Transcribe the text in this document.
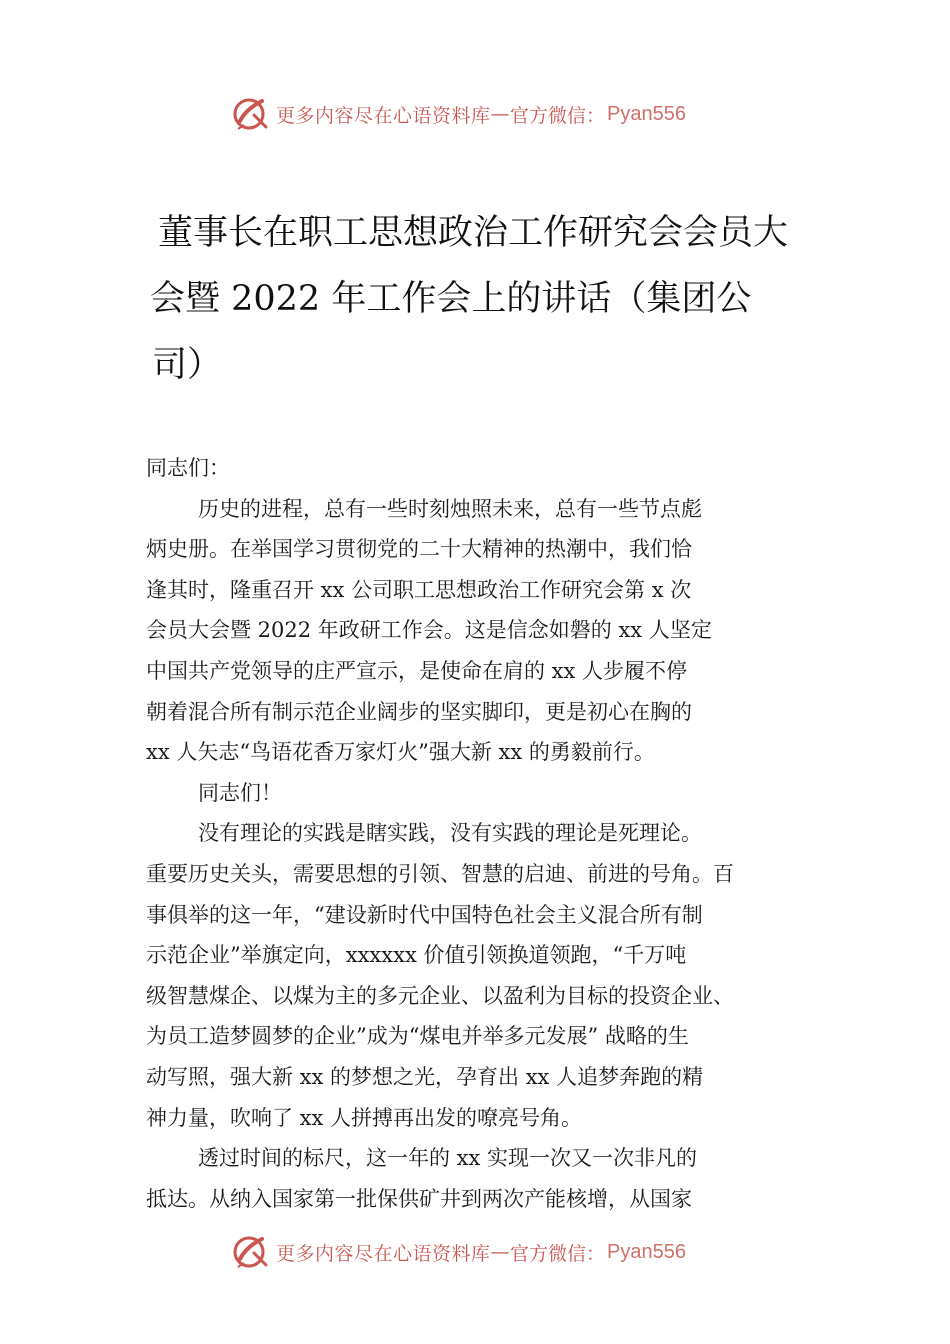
更多内容尽在心语资料库 — 官方微信： Pyan556
董事长在职工思想政治工作研究会会员大
会暨 2022 年工作会上的讲话（集团公
司）
同志们：
历史的进程，总有一些时刻烛照未来，总有一些节点彪
炳史册。在举国学习贯彻党的二十大精神的热潮中，我们恰
逢其时，隆重召开 xx 公司职工思想政治工作研究会第 x 次
会员大会暨 2022 年政研工作会。这是信念如磐的 xx 人坚定
中国共产党领导的庄严宣示，是使命在肩的 xx 人步履不停
朝着混合所有制示范企业阔步的坚实脚印，更是初心在胸的
xx 人矢志“鸟语花香万家灯火”强大新 xx 的勇毅前行。
同志们！
没有理论的实践是瞎实践，没有实践的理论是死理论。
重要历史关头，需要思想的引领、智慧的启迪、前进的号角。百
事俱举的这一年，“建设新时代中国特色社会主义混合所有制
示范企业”举旗定向，xxxxxx 价值引领换道领跑，“千万吨
级智慧煤企、以煤为主的多元企业、以盈利为目标的投资企业、
为员工造梦圆梦的企业”成为“煤电并举多元发展” 战略的生
动写照，强大新 xx 的梦想之光，孕育出 xx 人追梦奔跑的精
神力量，吹响了 xx 人拼搏再出发的嘹亮号角。
透过时间的标尺，这一年的 xx 实现一次又一次非凡的
抵达。从纳入国家第一批保供矿井到两次产能核增，从国家
更多内容尽在心语资料库 — 官方微信： Pyan556
